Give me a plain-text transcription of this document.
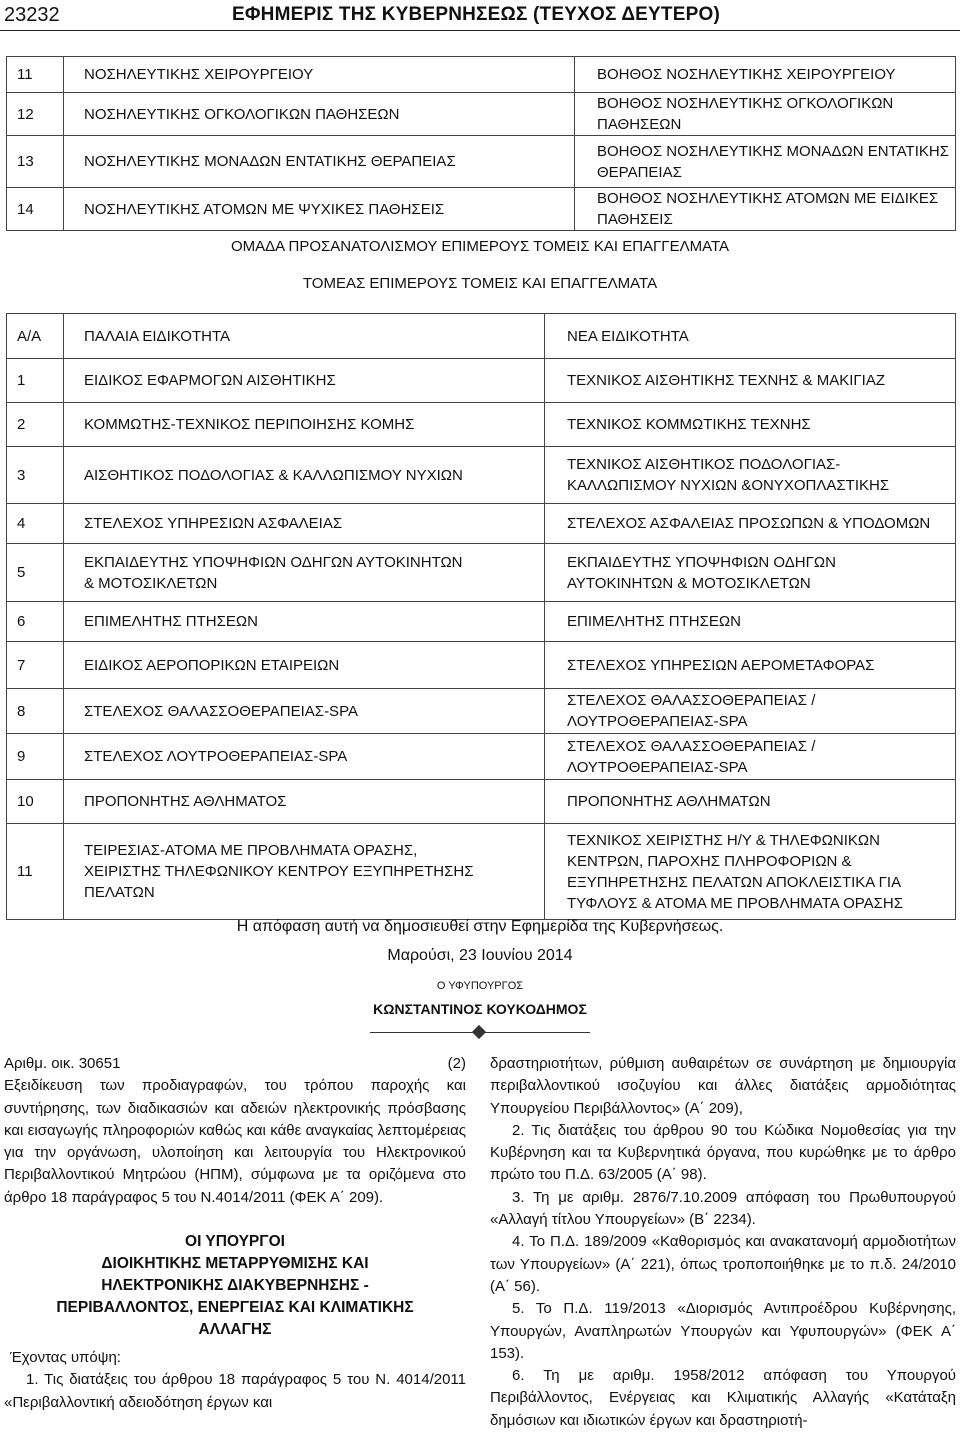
23232	ΕΦΗΜΕΡΙΣ ΤΗΣ ΚΥΒΕΡΝΗΣΕΩΣ (ΤΕΥΧΟΣ ΔΕΥΤΕΡΟ)
11	ΝΟΣΗΛΕΥΤΙΚΗΣ ΧΕΙΡΟΥΡΓΕΙΟΥ	ΒΟΗΘΟΣ ΝΟΣΗΛΕΥΤΙΚΗΣ ΧΕΙΡΟΥΡΓΕΙΟΥ
12	ΝΟΣΗΛΕΥΤΙΚΗΣ ΟΓΚΟΛΟΓΙΚΩΝ ΠΑΘΗΣΕΩΝ	ΒΟΗΘΟΣ ΝΟΣΗΛΕΥΤΙΚΗΣ ΟΓΚΟΛΟΓΙΚΩΝ ΠΑΘΗΣΕΩΝ
13	ΝΟΣΗΛΕΥΤΙΚΗΣ ΜΟΝΑΔΩΝ ΕΝΤΑΤΙΚΗΣ ΘΕΡΑΠΕΙΑΣ	ΒΟΗΘΟΣ ΝΟΣΗΛΕΥΤΙΚΗΣ ΜΟΝΑΔΩΝ ΕΝΤΑΤΙΚΗΣ ΘΕΡΑΠΕΙΑΣ
14	ΝΟΣΗΛΕΥΤΙΚΗΣ ΑΤΟΜΩΝ ΜΕ ΨΥΧΙΚΕΣ ΠΑΘΗΣΕΙΣ	ΒΟΗΘΟΣ ΝΟΣΗΛΕΥΤΙΚΗΣ ΑΤΟΜΩΝ ΜΕ ΕΙΔΙΚΕΣ ΠΑΘΗΣΕΙΣ
ΟΜΑΔΑ ΠΡΟΣΑΝΑΤΟΛΙΣΜΟΥ ΕΠΙΜΕΡΟΥΣ ΤΟΜΕΙΣ ΚΑΙ ΕΠΑΓΓΕΛΜΑΤΑ
ΤΟΜΕΑΣ ΕΠΙΜΕΡΟΥΣ ΤΟΜΕΙΣ ΚΑΙ ΕΠΑΓΓΕΛΜΑΤΑ
Α/Α	ΠΑΛΑΙΑ ΕΙΔΙΚΟΤΗΤΑ	ΝΕΑ ΕΙΔΙΚΟΤΗΤΑ
1	ΕΙΔΙΚΟΣ ΕΦΑΡΜΟΓΩΝ ΑΙΣΘΗΤΙΚΗΣ	ΤΕΧΝΙΚΟΣ ΑΙΣΘΗΤΙΚΗΣ ΤΕΧΝΗΣ & ΜΑΚΙΓΙΑΖ
2	ΚΟΜΜΩΤΗΣ-ΤΕΧΝΙΚΟΣ ΠΕΡΙΠΟΙΗΣΗΣ ΚΟΜΗΣ	ΤΕΧΝΙΚΟΣ ΚΟΜΜΩΤΙΚΗΣ ΤΕΧΝΗΣ
3	ΑΙΣΘΗΤΙΚΟΣ ΠΟΔΟΛΟΓΙΑΣ & ΚΑΛΛΩΠΙΣΜΟΥ ΝΥΧΙΩΝ	ΤΕΧΝΙΚΟΣ ΑΙΣΘΗΤΙΚΟΣ ΠΟΔΟΛΟΓΙΑΣ-ΚΑΛΛΩΠΙΣΜΟΥ ΝΥΧΙΩΝ &ΟΝΥΧΟΠΛΑΣΤΙΚΗΣ
4	ΣΤΕΛΕΧΟΣ ΥΠΗΡΕΣΙΩΝ ΑΣΦΑΛΕΙΑΣ	ΣΤΕΛΕΧΟΣ ΑΣΦΑΛΕΙΑΣ ΠΡΟΣΩΠΩΝ & ΥΠΟΔΟΜΩΝ
5	ΕΚΠΑΙΔΕΥΤΗΣ ΥΠΟΨΗΦΙΩΝ ΟΔΗΓΩΝ ΑΥΤΟΚΙΝΗΤΩΝ & ΜΟΤΟΣΙΚΛΕΤΩΝ	ΕΚΠΑΙΔΕΥΤΗΣ ΥΠΟΨΗΦΙΩΝ ΟΔΗΓΩΝ ΑΥΤΟΚΙΝΗΤΩΝ & ΜΟΤΟΣΙΚΛΕΤΩΝ
6	ΕΠΙΜΕΛΗΤΗΣ ΠΤΗΣΕΩΝ	ΕΠΙΜΕΛΗΤΗΣ ΠΤΗΣΕΩΝ
7	ΕΙΔΙΚΟΣ ΑΕΡΟΠΟΡΙΚΩΝ ΕΤΑΙΡΕΙΩΝ	ΣΤΕΛΕΧΟΣ ΥΠΗΡΕΣΙΩΝ ΑΕΡΟΜΕΤΑΦΟΡΑΣ
8	ΣΤΕΛΕΧΟΣ ΘΑΛΑΣΣΟΘΕΡΑΠΕΙΑΣ-SPA	ΣΤΕΛΕΧΟΣ ΘΑΛΑΣΣΟΘΕΡΑΠΕΙΑΣ /ΛΟΥΤΡΟΘΕΡΑΠΕΙΑΣ-SPA
9	ΣΤΕΛΕΧΟΣ ΛΟΥΤΡΟΘΕΡΑΠΕΙΑΣ-SPA	ΣΤΕΛΕΧΟΣ ΘΑΛΑΣΣΟΘΕΡΑΠΕΙΑΣ /ΛΟΥΤΡΟΘΕΡΑΠΕΙΑΣ-SPA
10	ΠΡΟΠΟΝΗΤΗΣ ΑΘΛΗΜΑΤΟΣ	ΠΡΟΠΟΝΗΤΗΣ ΑΘΛΗΜΑΤΩΝ
11	ΤΕΙΡΕΣΙΑΣ-ΑΤΟΜΑ ΜΕ ΠΡΟΒΛΗΜΑΤΑ ΟΡΑΣΗΣ, ΧΕΙΡΙΣΤΗΣ ΤΗΛΕΦΩΝΙΚΟΥ ΚΕΝΤΡΟΥ ΕΞΥΠΗΡΕΤΗΣΗΣ ΠΕΛΑΤΩΝ	ΤΕΧΝΙΚΟΣ ΧΕΙΡΙΣΤΗΣ Η/Υ & ΤΗΛΕΦΩΝΙΚΩΝ ΚΕΝΤΡΩΝ, ΠΑΡΟΧΗΣ ΠΛΗΡΟΦΟΡΙΩΝ & ΕΞΥΠΗΡΕΤΗΣΗΣ ΠΕΛΑΤΩΝ ΑΠΟΚΛΕΙΣΤΙΚΑ ΓΙΑ ΤΥΦΛΟΥΣ & ΑΤΟΜΑ ΜΕ ΠΡΟΒΛΗΜΑΤΑ ΟΡΑΣΗΣ
Η απόφαση αυτή να δημοσιευθεί στην Εφημερίδα της Κυβερνήσεως.
Μαρούσι, 23 Ιουνίου 2014
Ο ΥΦΥΠΟΥΡΓΟΣ
ΚΩΝΣΤΑΝΤΙΝΟΣ ΚΟΥΚΟΔΗΜΟΣ
Αριθμ. οικ. 30651	(2)

Εξειδίκευση των προδιαγραφών, του τρόπου παροχής και συντήρησης, των διαδικασιών και αδειών ηλεκτρονικής πρόσβασης και εισαγωγής πληροφοριών καθώς και κάθε αναγκαίας λεπτομέρειας για την οργάνωση, υλοποίηση και λειτουργία του Ηλεκτρονικού Περιβαλλοντικού Μητρώου (ΗΠΜ), σύμφωνα με τα οριζόμενα στο άρθρο 18 παράγραφος 5 του Ν.4014/2011 (ΦΕΚ Α΄ 209).

ΟΙ ΥΠΟΥΡΓΟΙ
ΔΙΟΙΚΗΤΙΚΗΣ ΜΕΤΑΡΡΥΘΜΙΣΗΣ ΚΑΙ
ΗΛΕΚΤΡΟΝΙΚΗΣ ΔΙΑΚΥΒΕΡΝΗΣΗΣ -
ΠΕΡΙΒΑΛΛΟΝΤΟΣ, ΕΝΕΡΓΕΙΑΣ ΚΑΙ ΚΛΙΜΑΤΙΚΗΣ
ΑΛΛΑΓΗΣ

Έχοντας υπόψη:

1. Τις διατάξεις του άρθρου 18 παράγραφος 5 του Ν. 4014/2011 «Περιβαλλοντική αδειοδότηση έργων και

δραστηριοτήτων, ρύθμιση αυθαιρέτων σε συνάρτηση με δημιουργία περιβαλλοντικού ισοζυγίου και άλλες διατάξεις αρμοδιότητας Υπουργείου Περιβάλλοντος» (Α΄ 209),

2. Τις διατάξεις του άρθρου 90 του Κώδικα Νομοθεσίας για την Κυβέρνηση και τα Κυβερνητικά όργανα, που κυρώθηκε με το άρθρο πρώτο του Π.Δ. 63/2005 (Α΄ 98).

3. Τη με αριθμ. 2876/7.10.2009 απόφαση του Πρωθυπουργού «Αλλαγή τίτλου Υπουργείων» (Β΄ 2234).

4. Το Π.Δ. 189/2009 «Καθορισμός και ανακατανομή αρμοδιοτήτων των Υπουργείων» (Α΄ 221), όπως τροποποιήθηκε με το π.δ. 24/2010 (Α΄ 56).

5. Το Π.Δ. 119/2013 «Διορισμός Αντιπροέδρου Κυβέρνησης, Υπουργών, Αναπληρωτών Υπουργών και Υφυπουργών» (ΦΕΚ Α΄ 153).

6. Τη με αριθμ. 1958/2012 απόφαση του Υπουργού Περιβάλλοντος, Ενέργειας και Κλιματικής Αλλαγής «Κατάταξη δημόσιων και ιδιωτικών έργων και δραστηριοτή-
